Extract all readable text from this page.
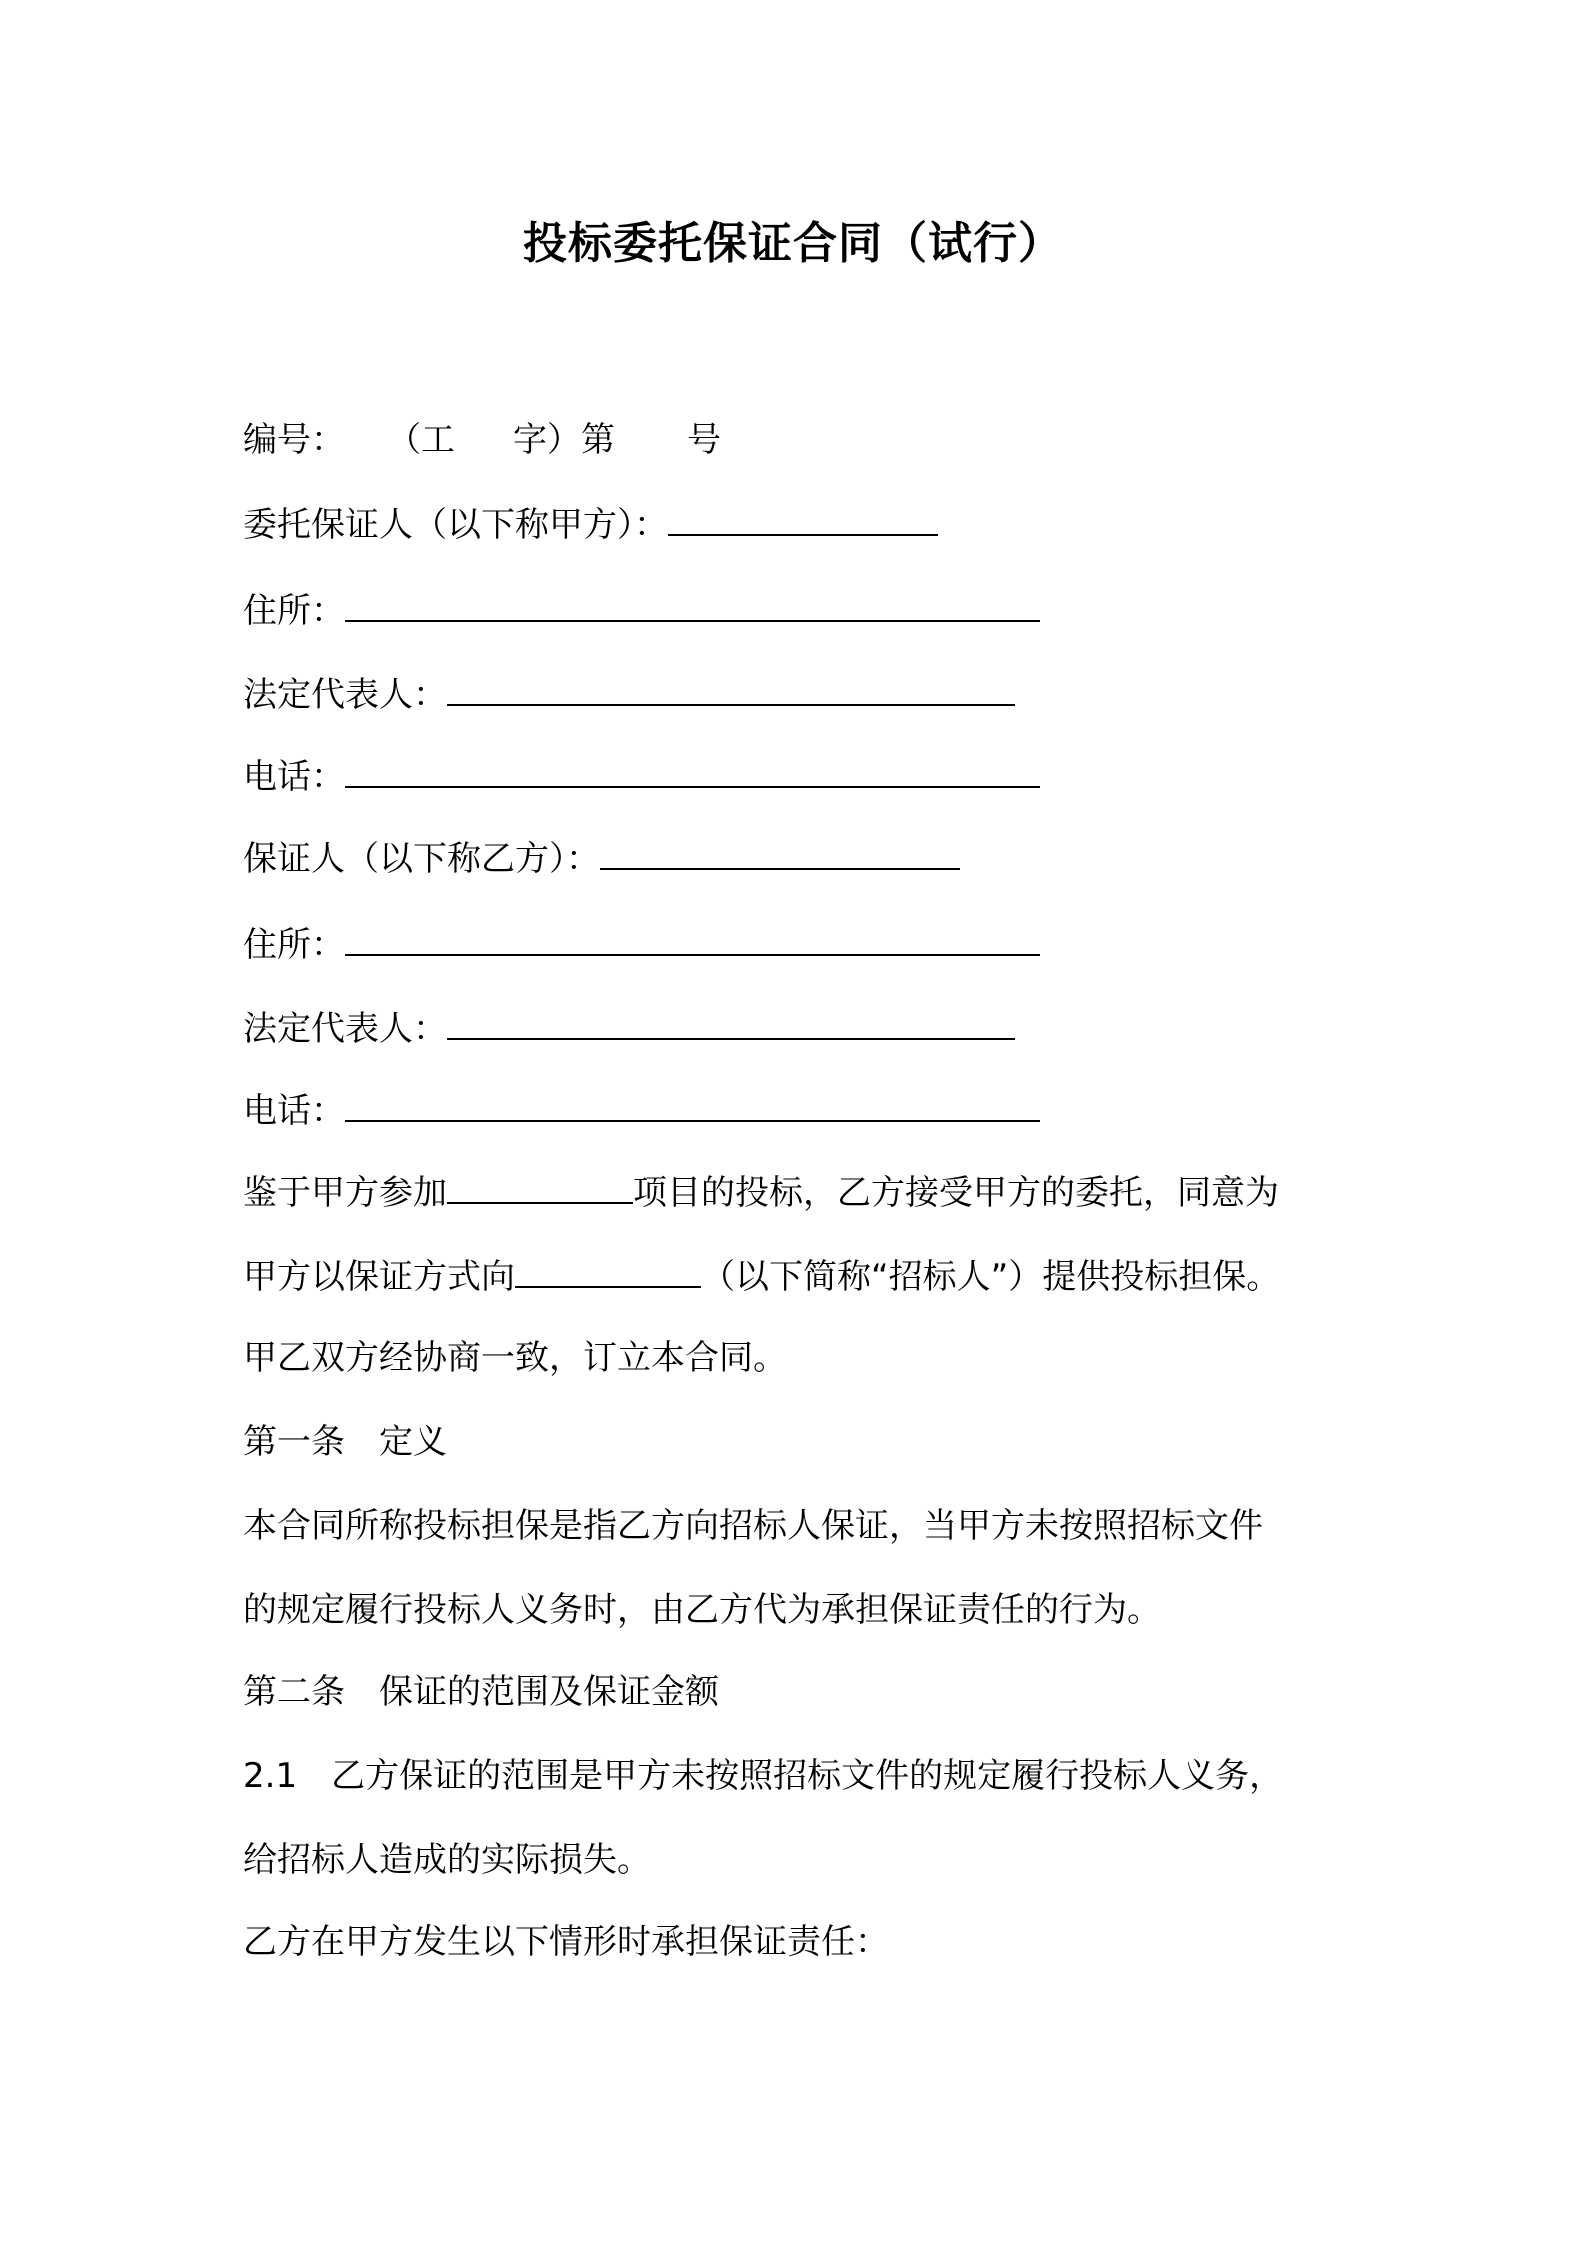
投标委托保证合同（试行）
编号： （工 字）第 号
委托保证人（以下称甲方）：
住所：
法定代表人：
电话：
保证人（以下称乙方）：
住所：
法定代表人：
电话：
鉴于甲方参加	项目的投标，乙方接受甲方的委托，同意为
甲方以保证方式向	（以下简称“招标人”）提供投标担保。
甲乙双方经协商一致，订立本合同。
第一条　定义
本合同所称投标担保是指乙方向招标人保证，当甲方未按照招标文件
的规定履行投标人义务时，由乙方代为承担保证责任的行为。
第二条　保证的范围及保证金额
2.1　乙方保证的范围是甲方未按照招标文件的规定履行投标人义务，
给招标人造成的实际损失。
乙方在甲方发生以下情形时承担保证责任：
